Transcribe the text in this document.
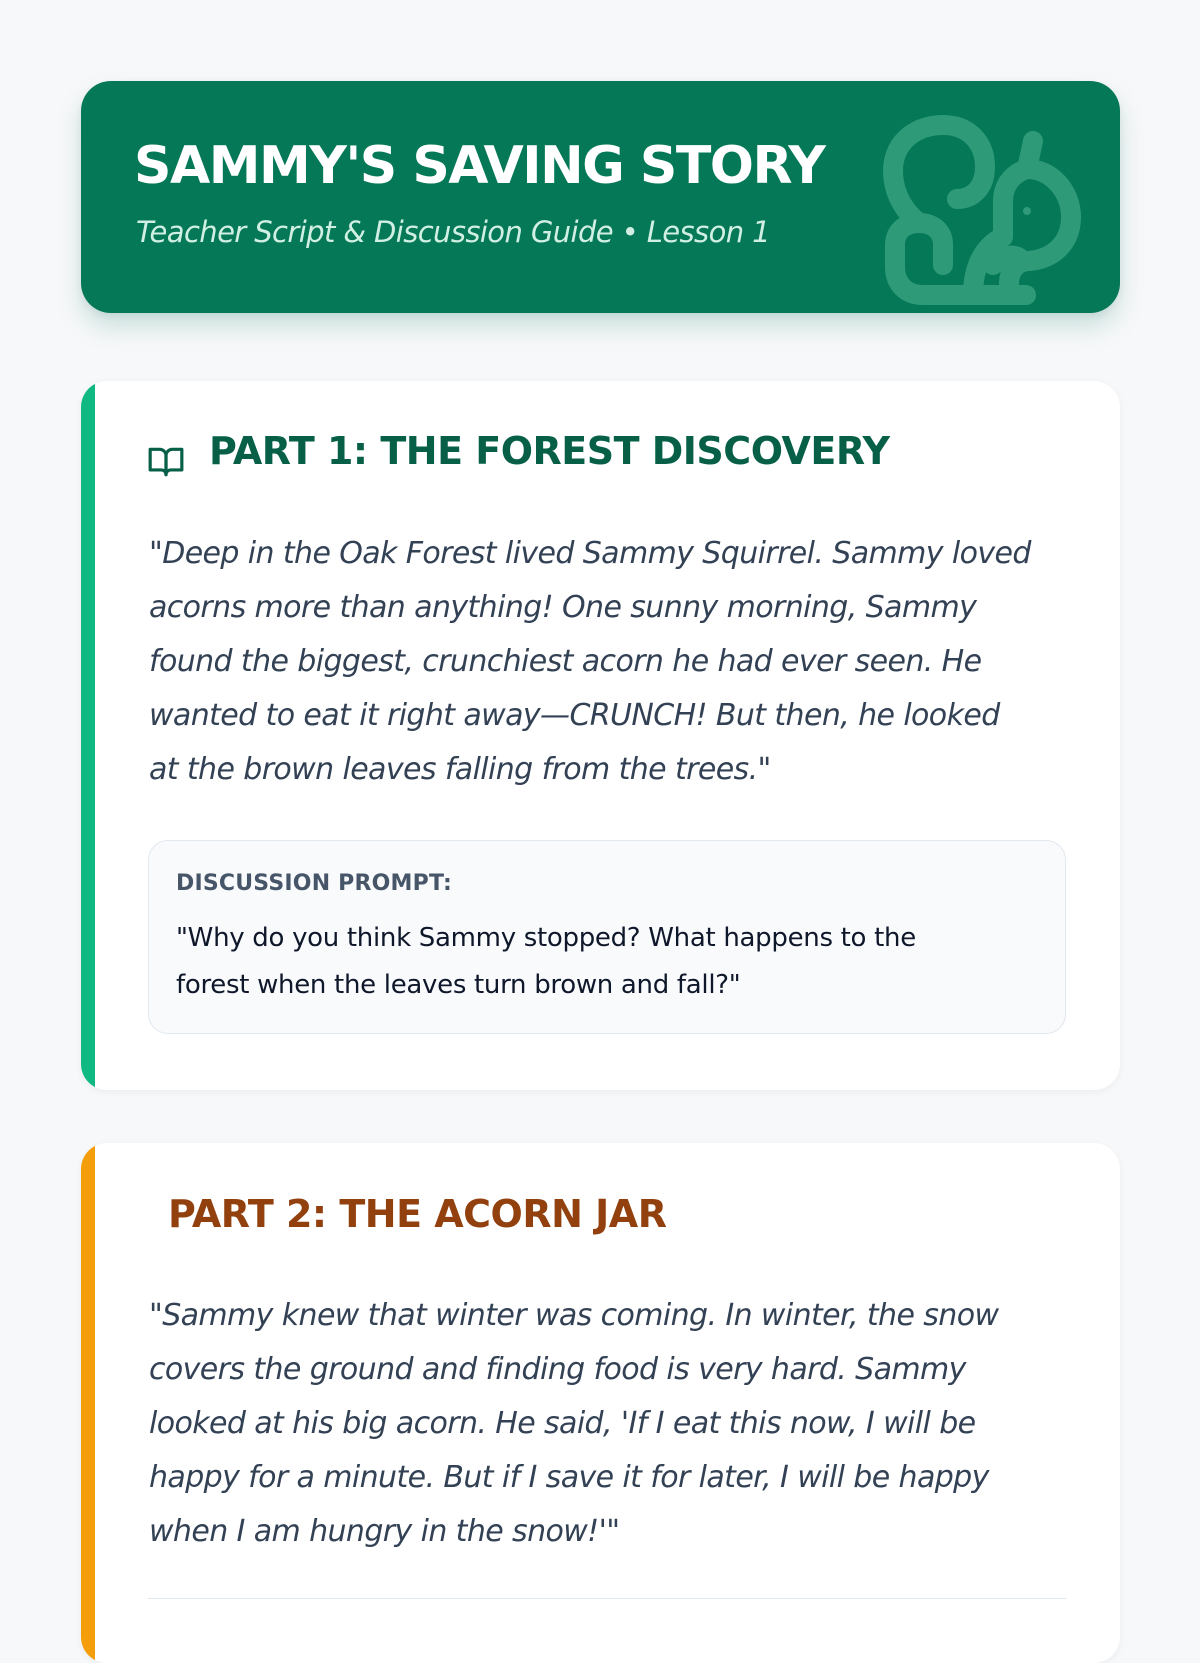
SAMMY'S SAVING STORY

Teacher Script & Discussion Guide • Lesson 1

PART 1: THE FOREST DISCOVERY

"Deep in the Oak Forest lived Sammy Squirrel. Sammy loved
acorns more than anything! One sunny morning, Sammy
found the biggest, crunchiest acorn he had ever seen. He
wanted to eat it right away—CRUNCH! But then, he looked
at the brown leaves falling from the trees."

DISCUSSION PROMPT:

"Why do you think Sammy stopped? What happens to the
forest when the leaves turn brown and fall?"

PART 2: THE ACORN JAR

"Sammy knew that winter was coming. In winter, the snow
covers the ground and finding food is very hard. Sammy
looked at his big acorn. He said, 'If I eat this now, I will be
happy for a minute. But if I save it for later, I will be happy
when I am hungry in the snow!'"
